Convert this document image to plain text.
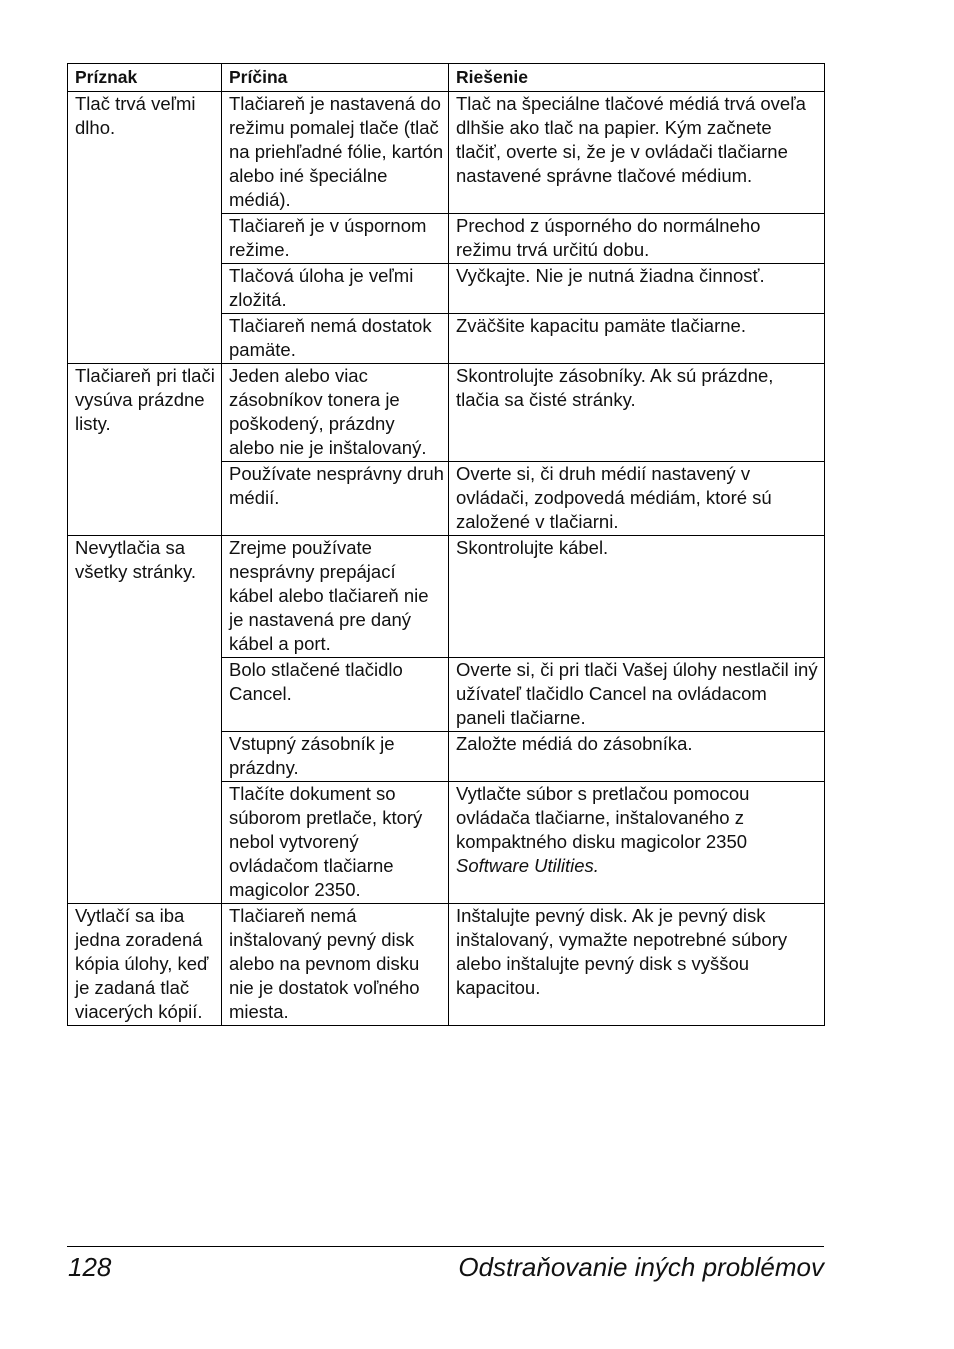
Príznak	Príčina	Riešenie
Tlač trvá veľmi dlho.	Tlačiareň je nastavená do režimu pomalej tlače (tlač na priehľadné fólie, kartón alebo iné špeciálne médiá).	Tlač na špeciálne tlačové médiá trvá oveľa dlhšie ako tlač na papier. Kým začnete tlačiť, overte si, že je v ovládači tlačiarne nastavené správne tlačové médium.
	Tlačiareň je v úspornom režime.	Prechod z úsporného do normálneho režimu trvá určitú dobu.
	Tlačová úloha je veľmi zložitá.	Vyčkajte. Nie je nutná žiadna činnosť.
	Tlačiareň nemá dostatok pamäte.	Zväčšite kapacitu pamäte tlačiarne.
Tlačiareň pri tlači vysúva prázdne listy.	Jeden alebo viac zásobníkov tonera je poškodený, prázdny alebo nie je inštalovaný.	Skontrolujte zásobníky. Ak sú prázdne, tlačia sa čisté stránky.
	Používate nesprávny druh médií.	Overte si, či druh médií nastavený v ovládači, zodpovedá médiám, ktoré sú založené v tlačiarni.
Nevytlačia sa všetky stránky.	Zrejme používate nesprávny prepájací kábel alebo tlačiareň nie je nastavená pre daný kábel a port.	Skontrolujte kábel.
	Bolo stlačené tlačidlo Cancel.	Overte si, či pri tlači Vašej úlohy nestlačil iný užívateľ tlačidlo Cancel na ovládacom paneli tlačiarne.
	Vstupný zásobník je prázdny.	Založte médiá do zásobníka.
	Tlačíte dokument so súborom pretlače, ktorý nebol vytvorený ovládačom tlačiarne magicolor 2350.	Vytlačte súbor s pretlačou pomocou ovládača tlačiarne, inštalovaného z kompaktného disku magicolor 2350
Software Utilities.
Vytlačí sa iba jedna zoradená kópia úlohy, keď je zadaná tlač viacerých kópií.	Tlačiareň nemá inštalovaný pevný disk alebo na pevnom disku nie je dostatok voľného miesta.	Inštalujte pevný disk. Ak je pevný disk inštalovaný, vymažte nepotrebné súbory alebo inštalujte pevný disk s vyššou kapacitou.
128	Odstraňovanie iných problémov
